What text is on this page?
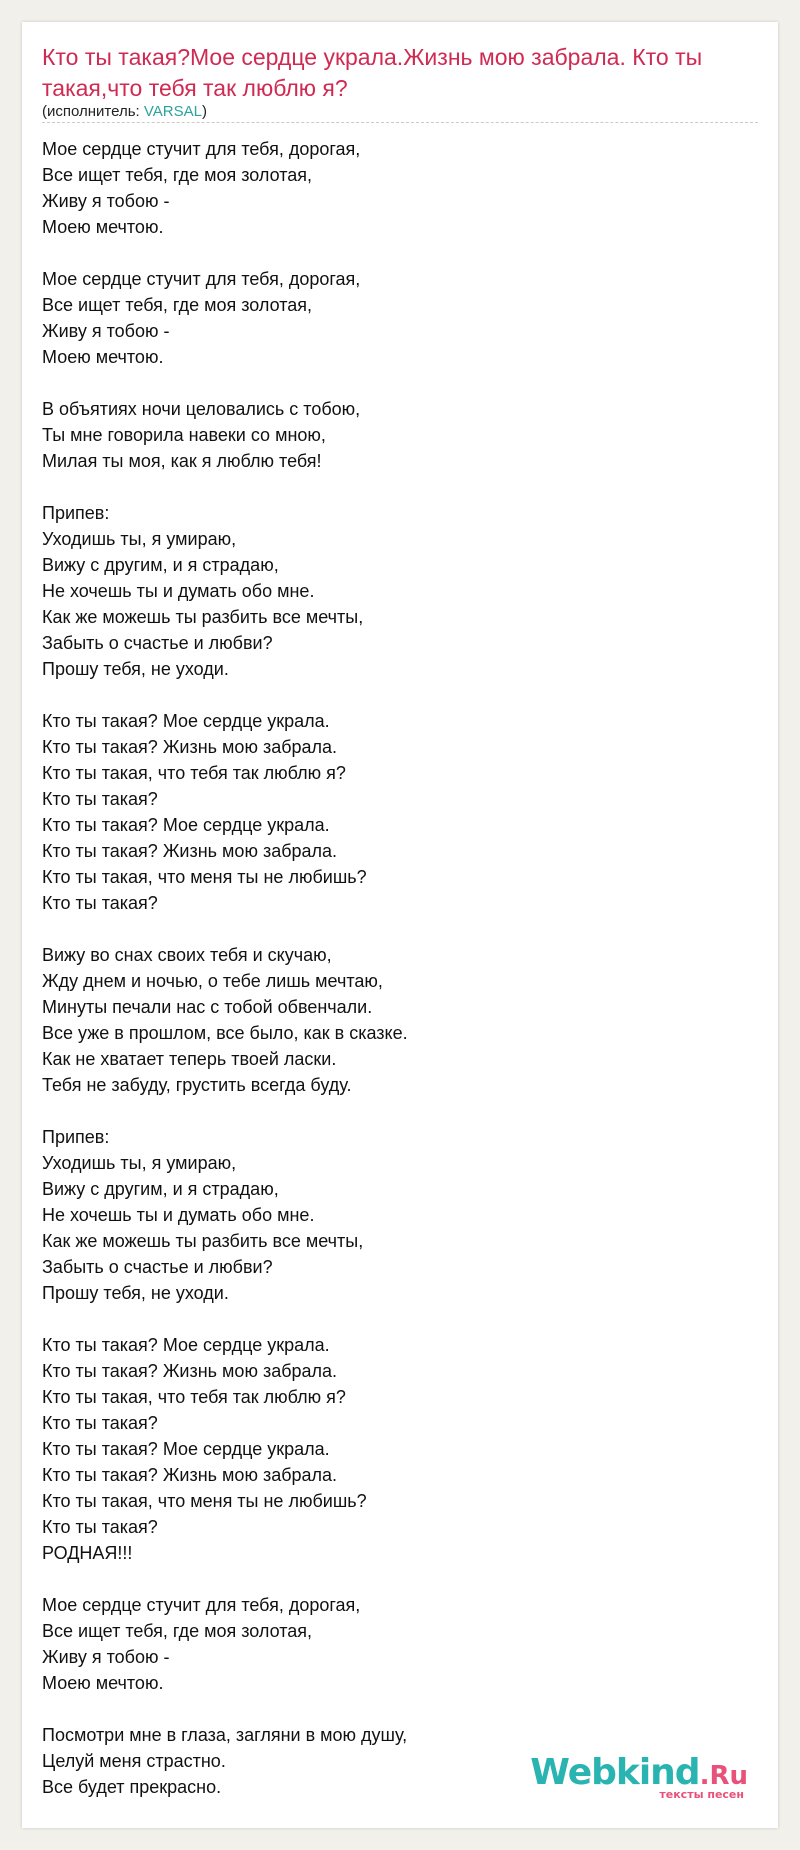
Кто ты такая?Мое сердце украла.Жизнь мою забрала. Кто ты такая,что тебя так люблю я?
(исполнитель: VARSAL)
Мое сердце стучит для тебя, дорогая,
Все ищет тебя, где моя золотая,
Живу я тобою -
Моею мечтою.
Мое сердце стучит для тебя, дорогая,
Все ищет тебя, где моя золотая,
Живу я тобою -
Моею мечтою.
В объятиях ночи целовались с тобою,
Ты мне говорила навеки со мною,
Милая ты моя, как я люблю тебя!
Припев:
Уходишь ты, я умираю,
Вижу с другим, и я страдаю,
Не хочешь ты и думать обо мне.
Как же можешь ты разбить все мечты,
Забыть о счастье и любви?
Прошу тебя, не уходи.
Кто ты такая? Мое сердце украла.
Кто ты такая? Жизнь мою забрала.
Кто ты такая, что тебя так люблю я?
Кто ты такая?
Кто ты такая? Мое сердце украла.
Кто ты такая? Жизнь мою забрала.
Кто ты такая, что меня ты не любишь?
Кто ты такая?
Вижу во снах своих тебя и скучаю,
Жду днем и ночью, о тебе лишь мечтаю,
Минуты печали нас с тобой обвенчали.
Все уже в прошлом, все было, как в сказке.
Как не хватает теперь твоей ласки.
Тебя не забуду, грустить всегда буду.
Припев:
Уходишь ты, я умираю,
Вижу с другим, и я страдаю,
Не хочешь ты и думать обо мне.
Как же можешь ты разбить все мечты,
Забыть о счастье и любви?
Прошу тебя, не уходи.
Кто ты такая? Мое сердце украла.
Кто ты такая? Жизнь мою забрала.
Кто ты такая, что тебя так люблю я?
Кто ты такая?
Кто ты такая? Мое сердце украла.
Кто ты такая? Жизнь мою забрала.
Кто ты такая, что меня ты не любишь?
Кто ты такая?
РОДНАЯ!!!
Мое сердце стучит для тебя, дорогая,
Все ищет тебя, где моя золотая,
Живу я тобою -
Моею мечтою.
Посмотри мне в глаза, загляни в мою душу,
Целуй меня страстно.
Все будет прекрасно.	Webkind.Ru
тексты песен
